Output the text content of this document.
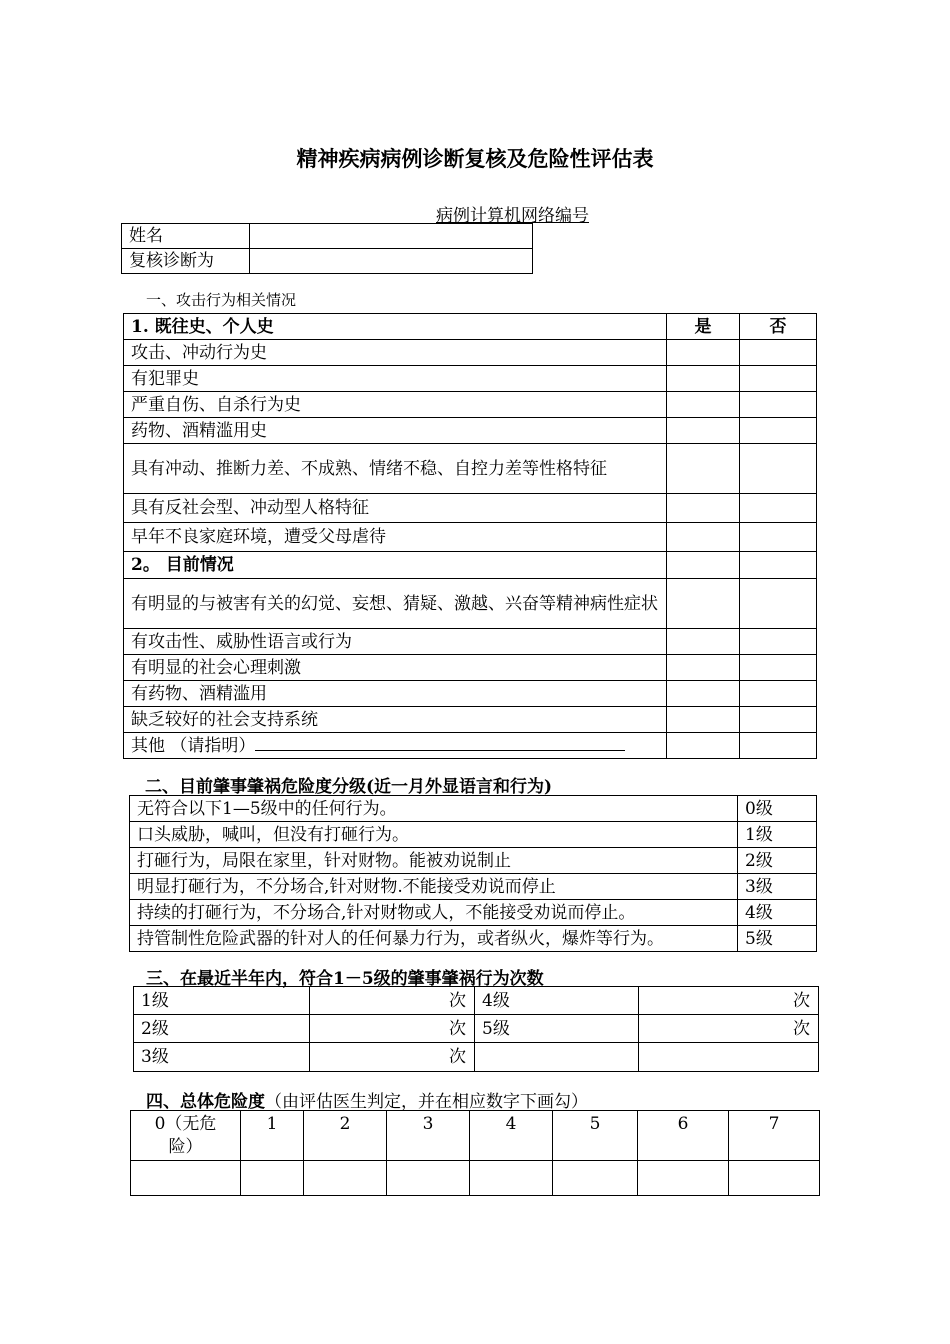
精神疾病病例诊断复核及危险性评估表
病例计算机网络编号
姓名	
复核诊断为	
一、攻击行为相关情况
1. 既往史、个人史	是	否
攻击、冲动行为史		
有犯罪史		
严重自伤、自杀行为史		
药物、酒精滥用史		
具有冲动、推断力差、不成熟、情绪不稳、自控力差等性格特征		
具有反社会型、冲动型人格特征		
早年不良家庭环境，遭受父母虐待		
2。 目前情况		
有明显的与被害有关的幻觉、妄想、猜疑、激越、兴奋等精神病性症状		
有攻击性、威胁性语言或行为		
有明显的社会心理刺激		
有药物、酒精滥用		
缺乏较好的社会支持系统		
其他 （请指明）		
二、目前肇事肇祸危险度分级(近一月外显语言和行为)
无符合以下1—5级中的任何行为。	0级
口头威胁，喊叫，但没有打砸行为。	1级
打砸行为，局限在家里，针对财物。能被劝说制止	2级
明显打砸行为，不分场合,针对财物.不能接受劝说而停止	3级
持续的打砸行为，不分场合,针对财物或人，不能接受劝说而停止。	4级
持管制性危险武器的针对人的任何暴力行为，或者纵火，爆炸等行为。	5级
三、在最近半年内，符合1－5级的肇事肇祸行为次数
1级	次	4级	次
2级	次	5级	次
3级	次		
四、总体危险度（由评估医生判定，并在相应数字下画勾）
0（无危险）	1	2	3	4	5	6	7
